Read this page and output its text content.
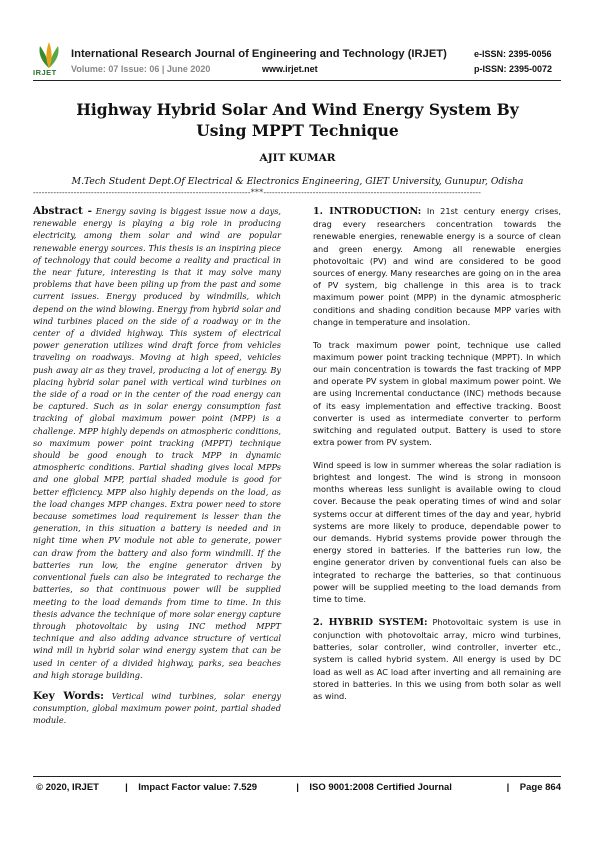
IRJET
International Research Journal of Engineering and Technology (IRJET)
Volume: 07 Issue: 06 | June 2020	www.irjet.net
e-ISSN: 2395-0056
p-ISSN: 2395-0072
Highway Hybrid Solar And Wind Energy System By Using MPPT Technique
AJIT KUMAR
M.Tech Student Dept.Of Electrical & Electronics Engineering, GIET University, Gunupur, Odisha
---------------------------------------------------------------------------***---------------------------------------------------------------------------

Abstract - Energy saving is biggest issue now a days, renewable energy is playing a big role in producing electricity, among them solar and wind are popular renewable energy sources. This thesis is an inspiring piece of technology that could become a reality and practical in the near future, interesting is that it may solve many problems that have been piling up from the past and some current issues. Energy produced by windmills, which depend on the wind blowing. Energy from hybrid solar and wind turbines placed on the side of a roadway or in the center of a divided highway. This system of electrical power generation utilizes wind draft force from vehicles traveling on roadways. Moving at high speed, vehicles push away air as they travel, producing a lot of energy. By placing hybrid solar panel with vertical wind turbines on the side of a road or in the center of the road energy can be captured. Such as in solar energy consumption fast tracking of global maximum power point (MPP) is a challenge. MPP highly depends on atmospheric conditions, so maximum power point tracking (MPPT) technique should be good enough to track MPP in dynamic atmospheric conditions. Partial shading gives local MPPs and one global MPP, partial shaded module is good for better efficiency. MPP also highly depends on the load, as the load changes MPP changes. Extra power need to store because sometimes load requirement is lesser than the generation, in this situation a battery is needed and in night time when PV module not able to generate, power can draw from the battery and also form windmill. If the batteries run low, the engine generator driven by conventional fuels can also be integrated to recharge the batteries, so that continuous power will be supplied meeting to the load demands from time to time. In this thesis advance the technique of more solar energy capture through photovoltaic by using INC method MPPT technique and also adding advance structure of vertical wind mill in hybrid solar wind energy system that can be used in center of a divided highway, parks, sea beaches and high storage building.

Key Words: Vertical wind turbines, solar energy consumption, global maximum power point, partial shaded module.

1. INTRODUCTION: In 21st century energy crises, drag every researchers concentration towards the renewable energies, renewable energy is a source of clean and green energy. Among all renewable energies photovoltaic (PV) and wind are considered to be good sources of energy. Many researches are going on in the area of PV system, big challenge in this area is to track maximum power point (MPP) in the dynamic atmospheric conditions and shading condition because MPP varies with change in temperature and insolation.

To track maximum power point, technique use called maximum power point tracking technique (MPPT). In which our main concentration is towards the fast tracking of MPP and operate PV system in global maximum power point. We are using Incremental conductance (INC) methods because of its easy implementation and effective tracking. Boost converter is used as intermediate converter to perform switching and regulated output. Battery is used to store extra power from PV system.

Wind speed is low in summer whereas the solar radiation is brightest and longest. The wind is strong in monsoon months whereas less sunlight is available owing to cloud cover. Because the peak operating times of wind and solar systems occur at different times of the day and year, hybrid systems are more likely to produce, dependable power to our demands. Hybrid systems provide power through the energy stored in batteries. If the batteries run low, the engine generator driven by conventional fuels can also be integrated to recharge the batteries, so that continuous power will be supplied meeting to the load demands from time to time.

2. HYBRID SYSTEM: Photovoltaic system is use in conjunction with photovoltaic array, micro wind turbines, batteries, solar controller, wind controller, inverter etc., system is called hybrid system. All energy is used by DC load as well as AC load after inverting and all remaining are stored in batteries. In this we using from both solar as well as wind.

© 2020, IRJET	|	Impact Factor value: 7.529	|	ISO 9001:2008 Certified Journal	|	Page 864
